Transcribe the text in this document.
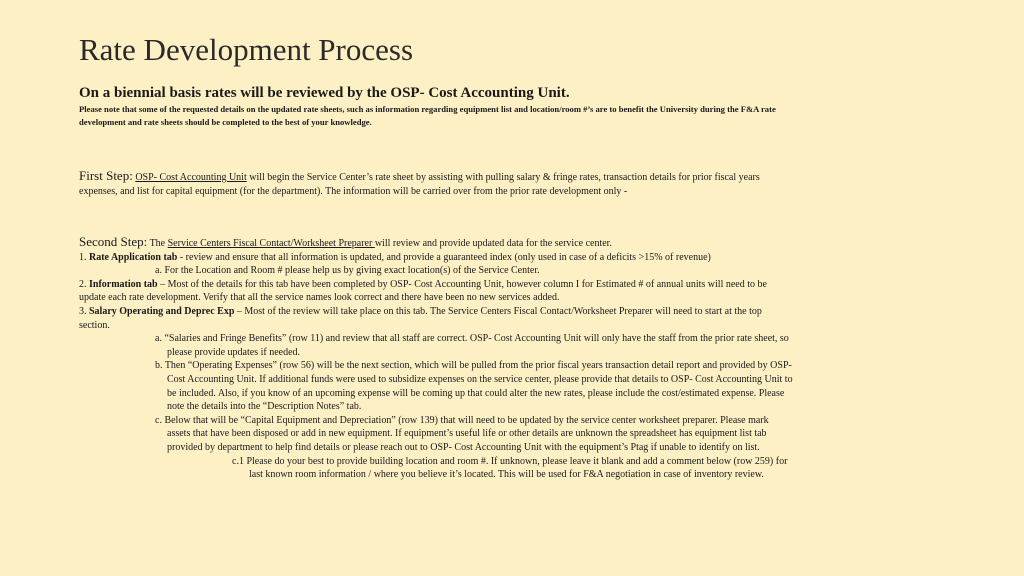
Rate Development Process
On a biennial basis rates will be reviewed by the OSP- Cost Accounting Unit.
Please note that some of the requested details on the updated rate sheets, such as information regarding equipment list and location/room #’s are to benefit the University during the F&A rate
development and rate sheets should be completed to the best of your knowledge.
First Step: OSP- Cost Accounting Unit will begin the Service Center’s rate sheet by assisting with pulling salary & fringe rates, transaction details for prior fiscal years
expenses, and list for capital equipment (for the department). The information will be carried over from the prior rate development only -
Second Step: The Service Centers Fiscal Contact/Worksheet Preparer will review and provide updated data for the service center.
1. Rate Application tab - review and ensure that all information is updated, and provide a guaranteed index (only used in case of a deficits >15% of revenue)
a. For the Location and Room # please help us by giving exact location(s) of the Service Center.
2. Information tab – Most of the details for this tab have been completed by OSP- Cost Accounting Unit, however column I for Estimated # of annual units will need to be
update each rate development. Verify that all the service names look correct and there have been no new services added.
3. Salary Operating and Deprec Exp – Most of the review will take place on this tab. The Service Centers Fiscal Contact/Worksheet Preparer will need to start at the top
section.
a. “Salaries and Fringe Benefits” (row 11) and review that all staff are correct. OSP- Cost Accounting Unit will only have the staff from the prior rate sheet, so
please provide updates if needed.
b. Then “Operating Expenses” (row 56) will be the next section, which will be pulled from the prior fiscal years transaction detail report and provided by OSP-
Cost Accounting Unit. If additional funds were used to subsidize expenses on the service center, please provide that details to OSP- Cost Accounting Unit to
be included. Also, if you know of an upcoming expense will be coming up that could alter the new rates, please include the cost/estimated expense. Please
note the details into the “Description Notes” tab.
c. Below that will be “Capital Equipment and Depreciation” (row 139) that will need to be updated by the service center worksheet preparer. Please mark
assets that have been disposed or add in new equipment. If equipment’s useful life or other details are unknown the spreadsheet has equipment list tab
provided by department to help find details or please reach out to OSP- Cost Accounting Unit with the equipment’s Ptag if unable to identify on list.
c.1 Please do your best to provide building location and room #. If unknown, please leave it blank and add a comment below (row 259) for
last known room information / where you believe it’s located. This will be used for F&A negotiation in case of inventory review.
